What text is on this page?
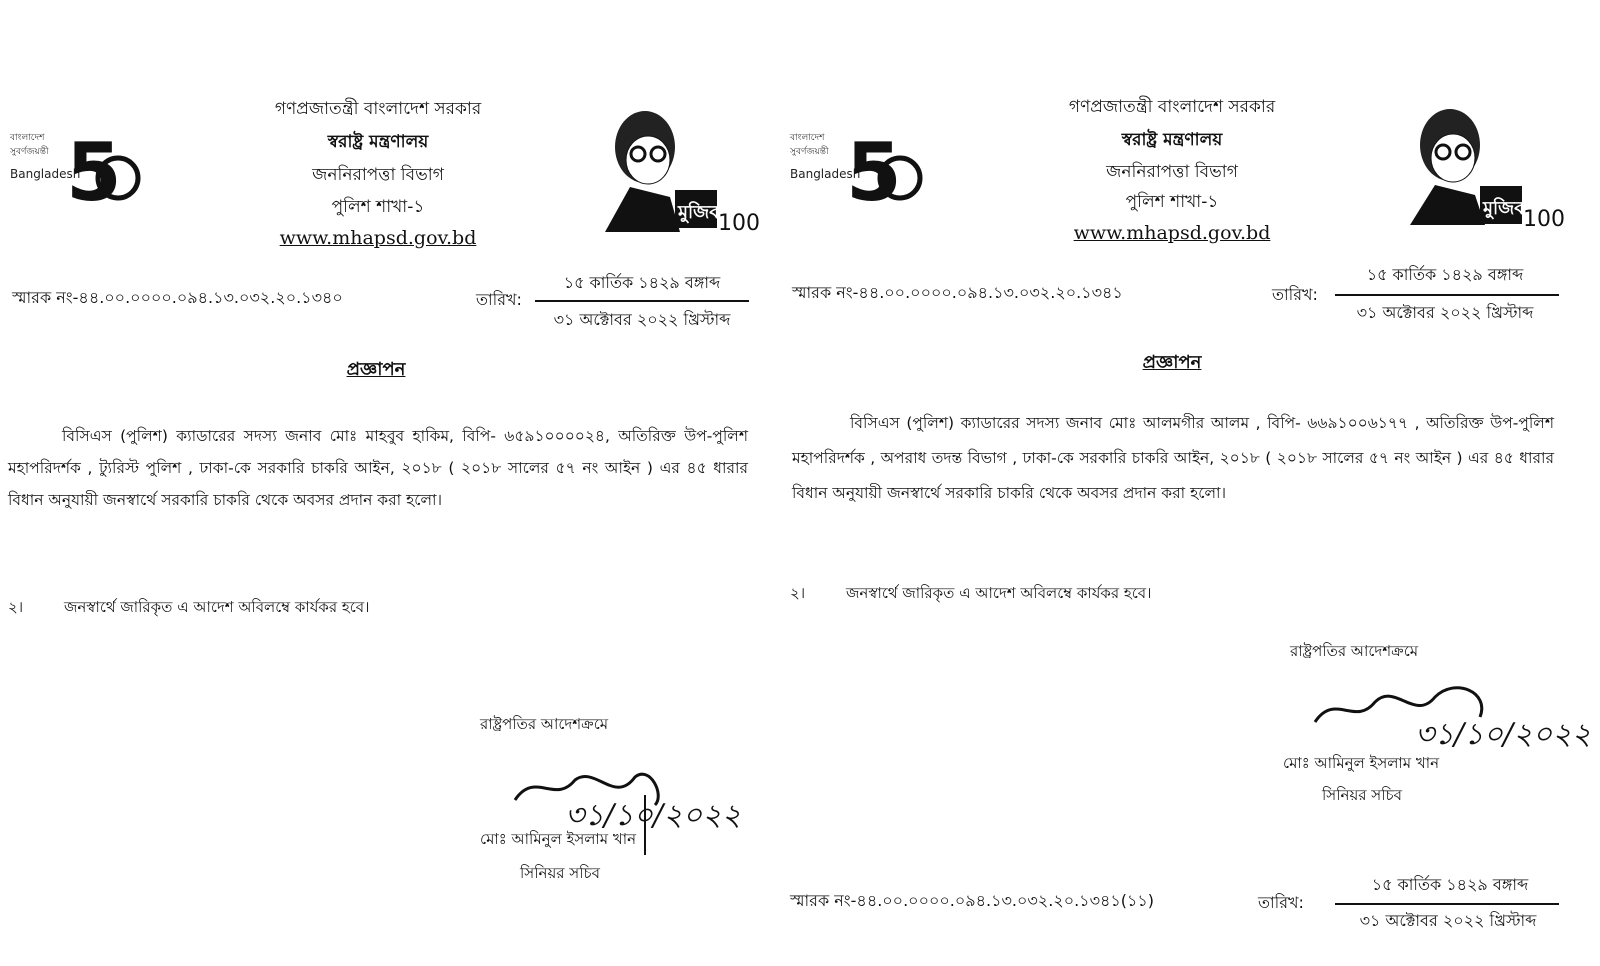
বাংলাদেশ
সুবর্ণজয়ন্তী
Bangladesh
5
গণপ্রজাতন্ত্রী বাংলাদেশ সরকার
স্বরাষ্ট্র মন্ত্রণালয়
জননিরাপত্তা বিভাগ
পুলিশ শাখা-১
www.mhapsd.gov.bd
মুজিব
100
স্মারক নং-৪৪.০০.০০০০.০৯৪.১৩.০৩২.২০.১৩৪০	তারিখ:
১৫ কার্তিক ১৪২৯ বঙ্গাব্দ
৩১ অক্টোবর ২০২২ খ্রিস্টাব্দ
প্রজ্ঞাপন
বিসিএস (পুলিশ) ক্যাডারের সদস্য জনাব মোঃ মাহবুব হাকিম, বিপি- ৬৫৯১০০০০২৪, অতিরিক্ত উপ-পুলিশ মহাপরিদর্শক , ট্যুরিস্ট পুলিশ , ঢাকা-কে সরকারি চাকরি আইন, ২০১৮ ( ২০১৮ সালের ৫৭ নং আইন ) এর ৪৫ ধারার বিধান অনুযায়ী জনস্বার্থে সরকারি চাকরি থেকে অবসর প্রদান করা হলো।
২।	জনস্বার্থে জারিকৃত এ আদেশ অবিলম্বে কার্যকর হবে।
রাষ্ট্রপতির আদেশক্রমে
৩১/১০/২০২২
মোঃ আমিনুল ইসলাম খান
সিনিয়র সচিব
বাংলাদেশ
সুবর্ণজয়ন্তী
Bangladesh
5
গণপ্রজাতন্ত্রী বাংলাদেশ সরকার
স্বরাষ্ট্র মন্ত্রণালয়
জননিরাপত্তা বিভাগ
পুলিশ শাখা-১
www.mhapsd.gov.bd
মুজিব
100
স্মারক নং-৪৪.০০.০০০০.০৯৪.১৩.০৩২.২০.১৩৪১	তারিখ:
১৫ কার্তিক ১৪২৯ বঙ্গাব্দ
৩১ অক্টোবর ২০২২ খ্রিস্টাব্দ
প্রজ্ঞাপন
বিসিএস (পুলিশ) ক্যাডারের সদস্য জনাব মোঃ আলমগীর আলম , বিপি- ৬৬৯১০০৬১৭৭ , অতিরিক্ত উপ-পুলিশ মহাপরিদর্শক , অপরাধ তদন্ত বিভাগ , ঢাকা-কে সরকারি চাকরি আইন, ২০১৮ ( ২০১৮ সালের ৫৭ নং আইন ) এর ৪৫ ধারার বিধান অনুযায়ী জনস্বার্থে সরকারি চাকরি থেকে অবসর প্রদান করা হলো।
২।	জনস্বার্থে জারিকৃত এ আদেশ অবিলম্বে কার্যকর হবে।
রাষ্ট্রপতির আদেশক্রমে
৩১/১০/২০২২
মোঃ আমিনুল ইসলাম খান
সিনিয়র সচিব
স্মারক নং-৪৪.০০.০০০০.০৯৪.১৩.০৩২.২০.১৩৪১(১১)	তারিখ:
১৫ কার্তিক ১৪২৯ বঙ্গাব্দ
৩১ অক্টোবর ২০২২ খ্রিস্টাব্দ
